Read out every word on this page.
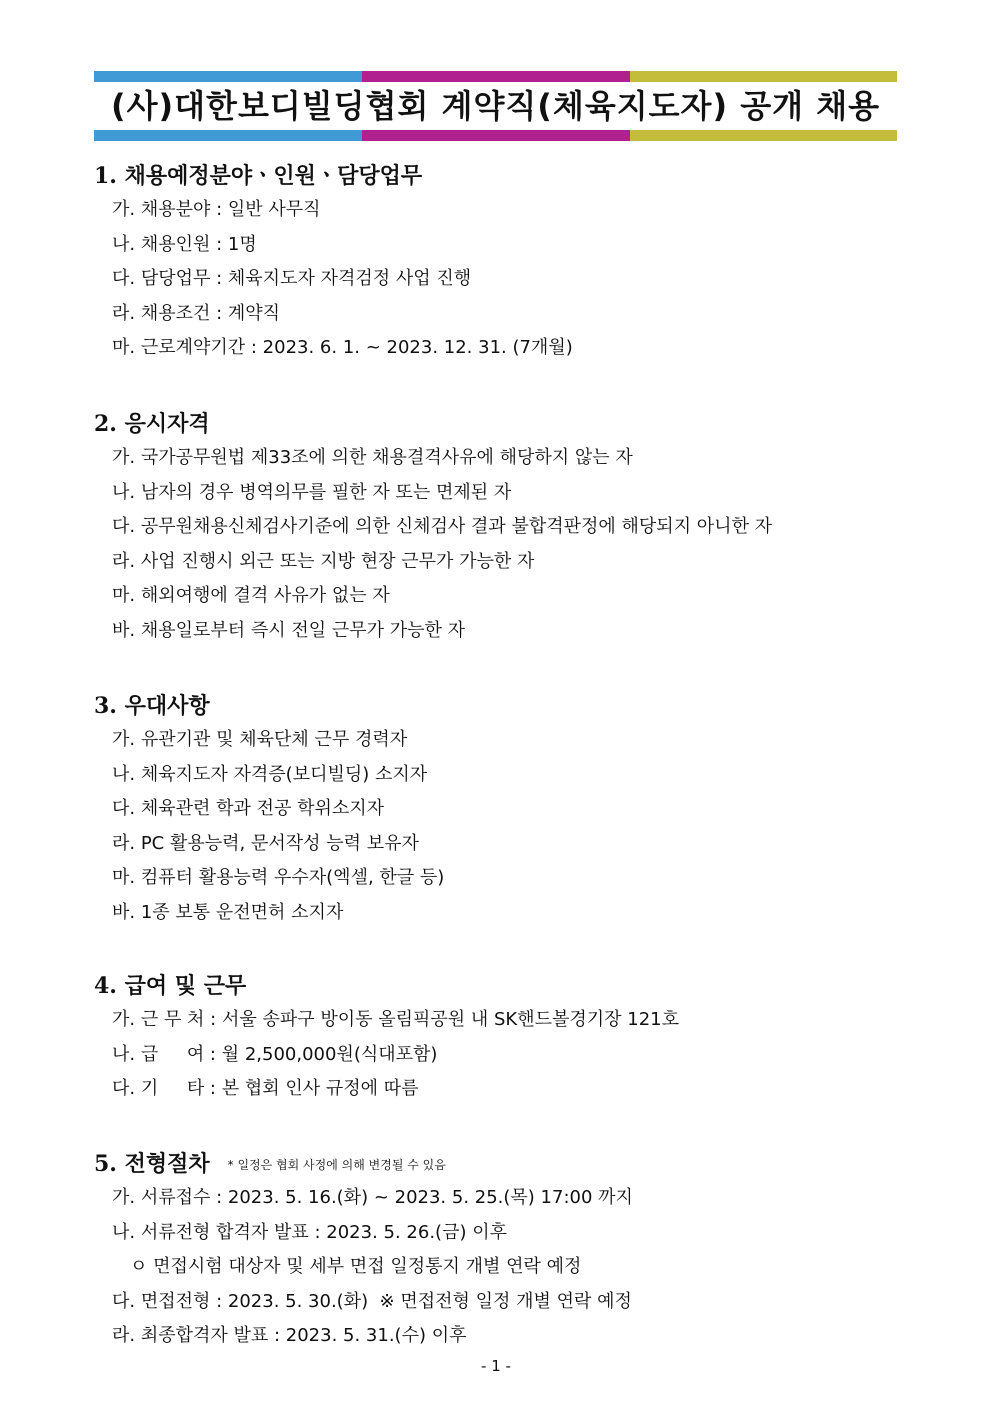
(사)대한보디빌딩협회 계약직(체육지도자) 공개 채용
1. 채용예정분야ㆍ인원ㆍ담당업무
가. 채용분야 : 일반 사무직
나. 채용인원 : 1명
다. 담당업무 : 체육지도자 자격검정 사업 진행
라. 채용조건 : 계약직
마. 근로계약기간 : 2023. 6. 1. ~ 2023. 12. 31. (7개월)
2. 응시자격
가. 국가공무원법 제33조에 의한 채용결격사유에 해당하지 않는 자
나. 남자의 경우 병역의무를 필한 자 또는 면제된 자
다. 공무원채용신체검사기준에 의한 신체검사 결과 불합격판정에 해당되지 아니한 자
라. 사업 진행시 외근 또는 지방 현장 근무가 가능한 자
마. 해외여행에 결격 사유가 없는 자
바. 채용일로부터 즉시 전일 근무가 가능한 자
3. 우대사항
가. 유관기관 및 체육단체 근무 경력자
나. 체육지도자 자격증(보디빌딩) 소지자
다. 체육관련 학과 전공 학위소지자
라. PC 활용능력, 문서작성 능력 보유자
마. 컴퓨터 활용능력 우수자(엑셀, 한글 등)
바. 1종 보통 운전면허 소지자
4. 급여 및 근무
가. 근 무 처 : 서울 송파구 방이동 올림픽공원 내 SK핸드볼경기장 121호
나. 급     여 : 월 2,500,000원(식대포함)
다. 기     타 : 본 협회 인사 규정에 따름
5. 전형절차 * 일정은 협회 사정에 의해 변경될 수 있음
가. 서류접수 : 2023. 5. 16.(화) ~ 2023. 5. 25.(목) 17:00 까지
나. 서류전형 합격자 발표 : 2023. 5. 26.(금) 이후
ㅇ 면접시험 대상자 및 세부 면접 일정통지 개별 연락 예정
다. 면접전형 : 2023. 5. 30.(화)  ※ 면접전형 일정 개별 연락 예정
라. 최종합격자 발표 : 2023. 5. 31.(수) 이후
- 1 -
